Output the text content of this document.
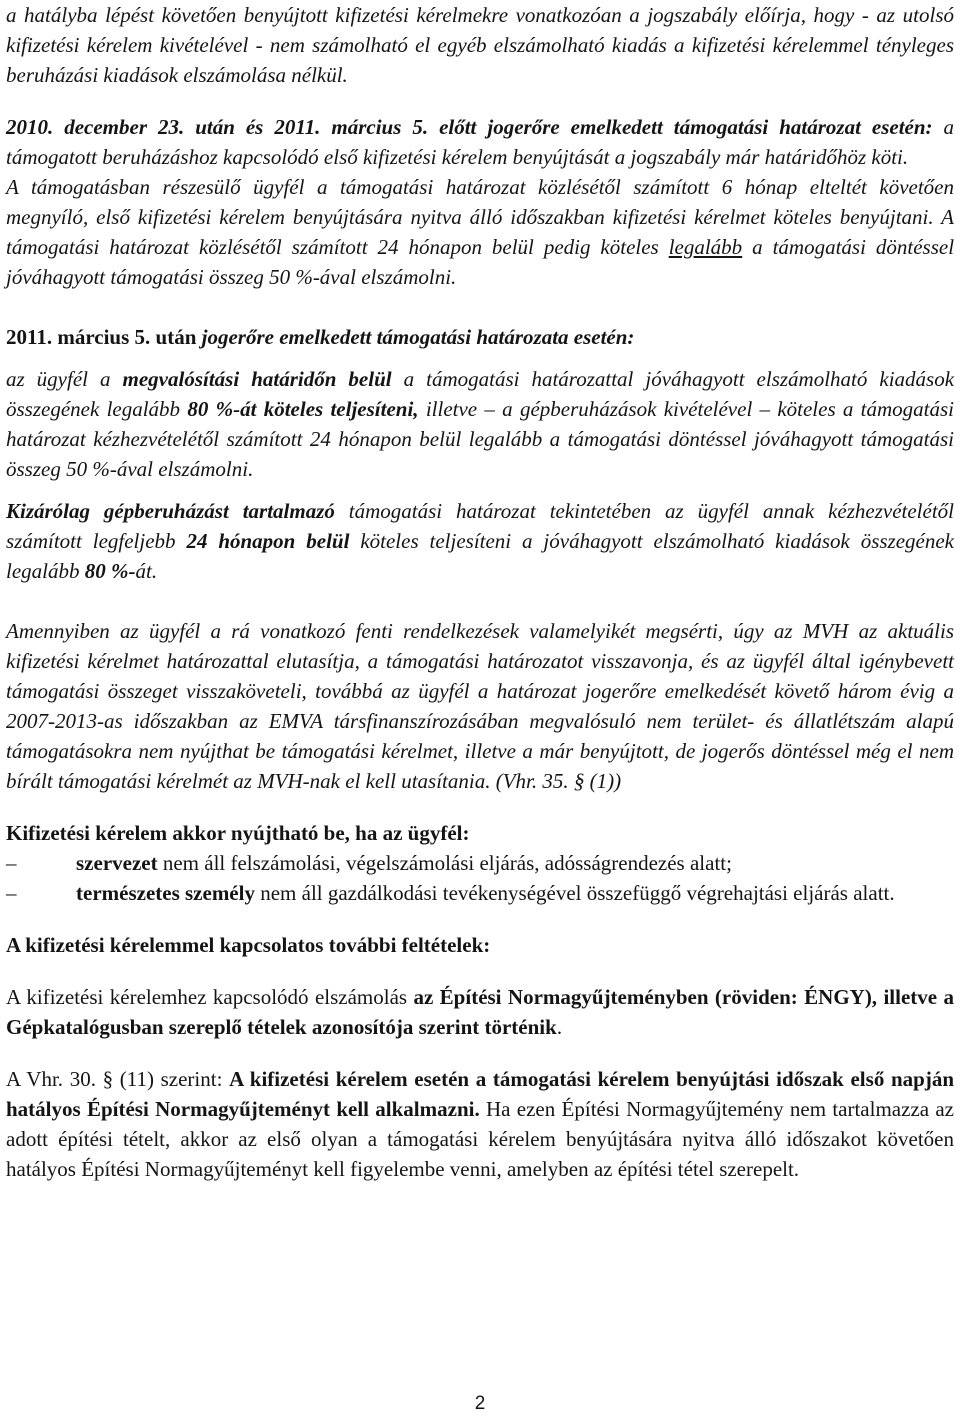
a hatályba lépést követően benyújtott kifizetési kérelmekre vonatkozóan a jogszabály előírja, hogy - az utolsó kifizetési kérelem kivételével - nem számolható el egyéb elszámolható kiadás a kifizetési kérelemmel tényleges beruházási kiadások elszámolása nélkül.

2010. december 23. után és 2011. március 5. előtt jogerőre emelkedett támogatási határozat esetén: a támogatott beruházáshoz kapcsolódó első kifizetési kérelem benyújtását a jogszabály már határidőhöz köti.

A támogatásban részesülő ügyfél a támogatási határozat közlésétől számított 6 hónap elteltét követően megnyíló, első kifizetési kérelem benyújtására nyitva álló időszakban kifizetési kérelmet köteles benyújtani. A támogatási határozat közlésétől számított 24 hónapon belül pedig köteles legalább a támogatási döntéssel jóváhagyott támogatási összeg 50 %-ával elszámolni.

2011. március 5. után jogerőre emelkedett támogatási határozata esetén:

az ügyfél a megvalósítási határidőn belül a támogatási határozattal jóváhagyott elszámolható kiadások összegének legalább 80 %-át köteles teljesíteni, illetve – a gépberuházások kivételével – köteles a támogatási határozat kézhezvételétől számított 24 hónapon belül legalább a támogatási döntéssel jóváhagyott támogatási összeg 50 %-ával elszámolni.

Kizárólag gépberuházást tartalmazó támogatási határozat tekintetében az ügyfél annak kézhezvételétől számított legfeljebb 24 hónapon belül köteles teljesíteni a jóváhagyott elszámolható kiadások összegének legalább 80 %-át.

Amennyiben az ügyfél a rá vonatkozó fenti rendelkezések valamelyikét megsérti, úgy az MVH az aktuális kifizetési kérelmet határozattal elutasítja, a támogatási határozatot visszavonja, és az ügyfél által igénybevett támogatási összeget visszaköveteli, továbbá az ügyfél a határozat jogerőre emelkedését követő három évig a 2007-2013-as időszakban az EMVA társfinanszírozásában megvalósuló nem terület- és állatlétszám alapú támogatásokra nem nyújthat be támogatási kérelmet, illetve a már benyújtott, de jogerős döntéssel még el nem bírált támogatási kérelmét az MVH-nak el kell utasítania. (Vhr. 35. § (1))

Kifizetési kérelem akkor nyújtható be, ha az ügyfél:

–	szervezet nem áll felszámolási, végelszámolási eljárás, adósságrendezés alatt;
–	természetes személy nem áll gazdálkodási tevékenységével összefüggő végrehajtási eljárás alatt.

A kifizetési kérelemmel kapcsolatos további feltételek:

A kifizetési kérelemhez kapcsolódó elszámolás az Építési Normagyűjteményben (röviden: ÉNGY), illetve a Gépkatalógusban szereplő tételek azonosítója szerint történik.

A Vhr. 30. § (11) szerint: A kifizetési kérelem esetén a támogatási kérelem benyújtási időszak első napján hatályos Építési Normagyűjteményt kell alkalmazni. Ha ezen Építési Normagyűjtemény nem tartalmazza az adott építési tételt, akkor az első olyan a támogatási kérelem benyújtására nyitva álló időszakot követően hatályos Építési Normagyűjteményt kell figyelembe venni, amelyben az építési tétel szerepelt.

2
